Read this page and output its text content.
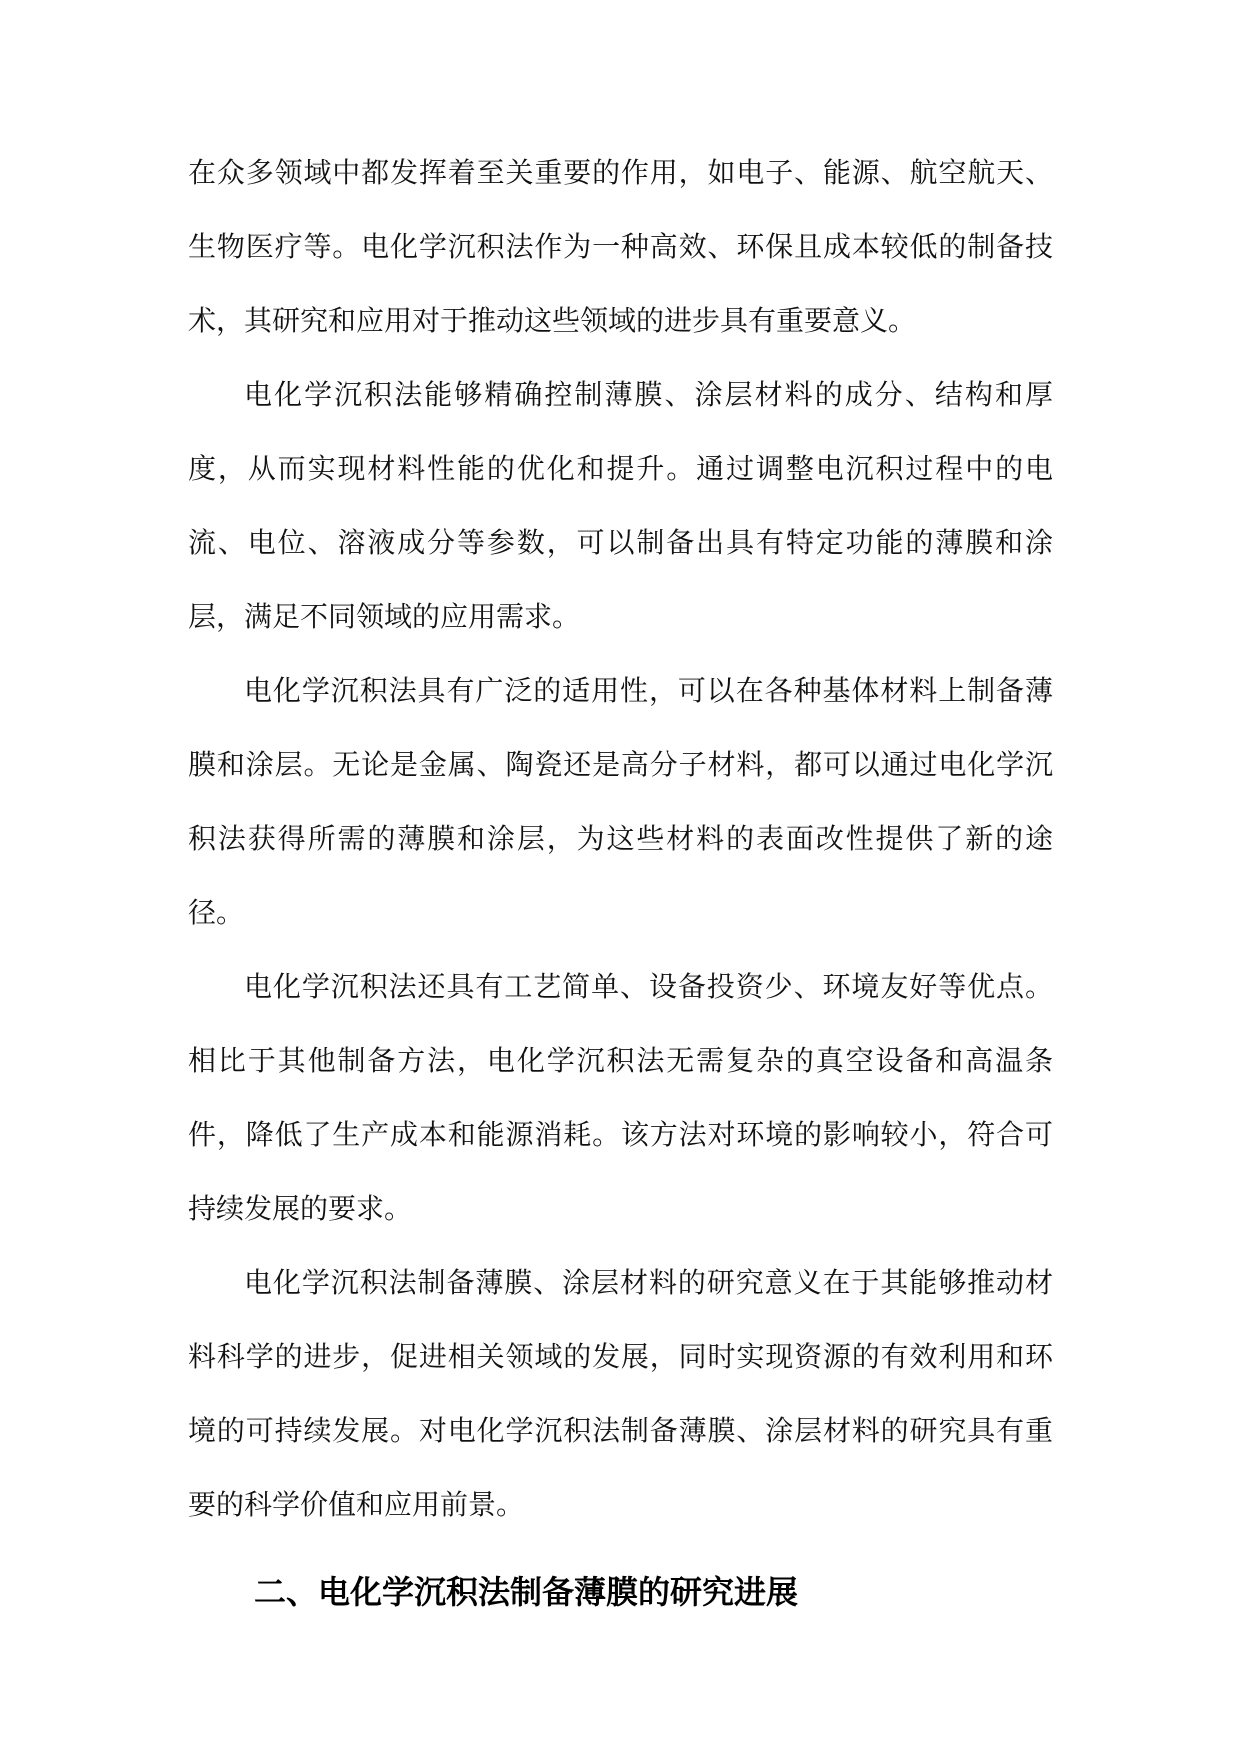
在众多领域中都发挥着至关重要的作用，如电子、能源、航空航天、生物医疗等。电化学沉积法作为一种高效、环保且成本较低的制备技术，其研究和应用对于推动这些领域的进步具有重要意义。

电化学沉积法能够精确控制薄膜、涂层材料的成分、结构和厚度，从而实现材料性能的优化和提升。通过调整电沉积过程中的电流、电位、溶液成分等参数，可以制备出具有特定功能的薄膜和涂层，满足不同领域的应用需求。

电化学沉积法具有广泛的适用性，可以在各种基体材料上制备薄膜和涂层。无论是金属、陶瓷还是高分子材料，都可以通过电化学沉积法获得所需的薄膜和涂层，为这些材料的表面改性提供了新的途径。

电化学沉积法还具有工艺简单、设备投资少、环境友好等优点。相比于其他制备方法，电化学沉积法无需复杂的真空设备和高温条件，降低了生产成本和能源消耗。该方法对环境的影响较小，符合可持续发展的要求。

电化学沉积法制备薄膜、涂层材料的研究意义在于其能够推动材料科学的进步，促进相关领域的发展，同时实现资源的有效利用和环境的可持续发展。对电化学沉积法制备薄膜、涂层材料的研究具有重要的科学价值和应用前景。

二、电化学沉积法制备薄膜的研究进展
